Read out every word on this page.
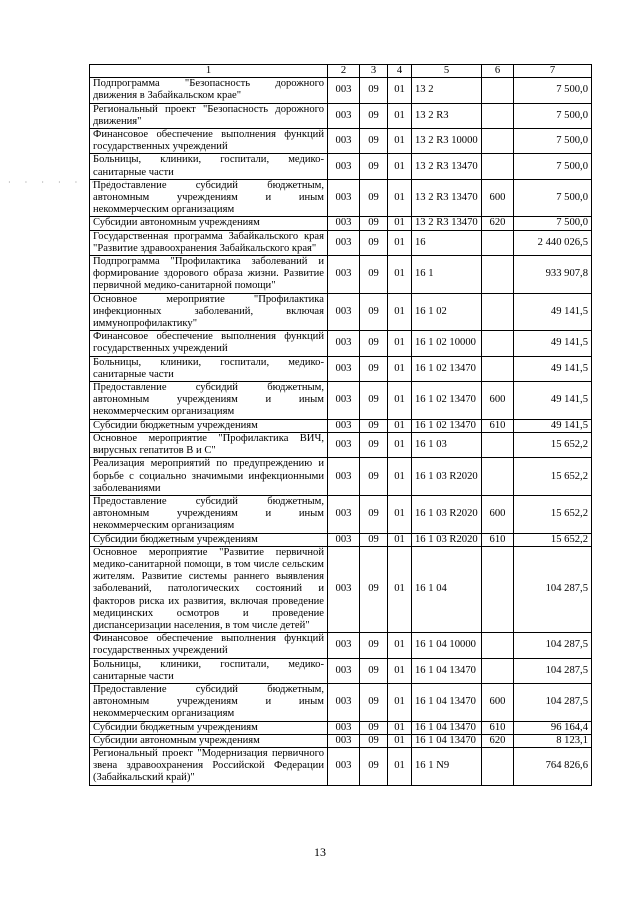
· · · · · · · ·
1	2	3	4	5	6	7
Подпрограмма "Безопасность дорожного движения в Забайкальском крае"	003	09	01	13 2		7 500,0
Региональный проект "Безопасность дорожного движения"	003	09	01	13 2 R3		7 500,0
Финансовое обеспечение выполнения функций государственных учреждений	003	09	01	13 2 R3 10000		7 500,0
Больницы, клиники, госпитали, медико-санитарные части	003	09	01	13 2 R3 13470		7 500,0
Предоставление субсидий бюджетным, автономным учреждениям и иным некоммерческим организациям	003	09	01	13 2 R3 13470	600	7 500,0
Субсидии автономным учреждениям	003	09	01	13 2 R3 13470	620	7 500,0
Государственная программа Забайкальского края "Развитие здравоохранения Забайкальского края"	003	09	01	16		2 440 026,5
Подпрограмма "Профилактика заболеваний и формирование здорового образа жизни. Развитие первичной медико-санитарной помощи"	003	09	01	16 1		933 907,8
Основное мероприятие "Профилактика инфекционных заболеваний, включая иммунопрофилактику"	003	09	01	16 1 02		49 141,5
Финансовое обеспечение выполнения функций государственных учреждений	003	09	01	16 1 02 10000		49 141,5
Больницы, клиники, госпитали, медико-санитарные части	003	09	01	16 1 02 13470		49 141,5
Предоставление субсидий бюджетным, автономным учреждениям и иным некоммерческим организациям	003	09	01	16 1 02 13470	600	49 141,5
Субсидии бюджетным учреждениям	003	09	01	16 1 02 13470	610	49 141,5
Основное мероприятие "Профилактика ВИЧ, вирусных гепатитов В и С"	003	09	01	16 1 03		15 652,2
Реализация мероприятий по предупреждению и борьбе с социально значимыми инфекционными заболеваниями	003	09	01	16 1 03 R2020		15 652,2
Предоставление субсидий бюджетным, автономным учреждениям и иным некоммерческим организациям	003	09	01	16 1 03 R2020	600	15 652,2
Субсидии бюджетным учреждениям	003	09	01	16 1 03 R2020	610	15 652,2
Основное мероприятие "Развитие первичной медико-санитарной помощи, в том числе сельским жителям. Развитие системы раннего выявления заболеваний, патологических состояний и факторов риска их развития, включая проведение медицинских осмотров и проведение диспансеризации населения, в том числе детей"	003	09	01	16 1 04		104 287,5
Финансовое обеспечение выполнения функций государственных учреждений	003	09	01	16 1 04 10000		104 287,5
Больницы, клиники, госпитали, медико-санитарные части	003	09	01	16 1 04 13470		104 287,5
Предоставление субсидий бюджетным, автономным учреждениям и иным некоммерческим организациям	003	09	01	16 1 04 13470	600	104 287,5
Субсидии бюджетным учреждениям	003	09	01	16 1 04 13470	610	96 164,4
Субсидии автономным учреждениям	003	09	01	16 1 04 13470	620	8 123,1
Региональный проект "Модернизация первичного звена здравоохранения Российской Федерации (Забайкальский край)"	003	09	01	16 1 N9		764 826,6
13
